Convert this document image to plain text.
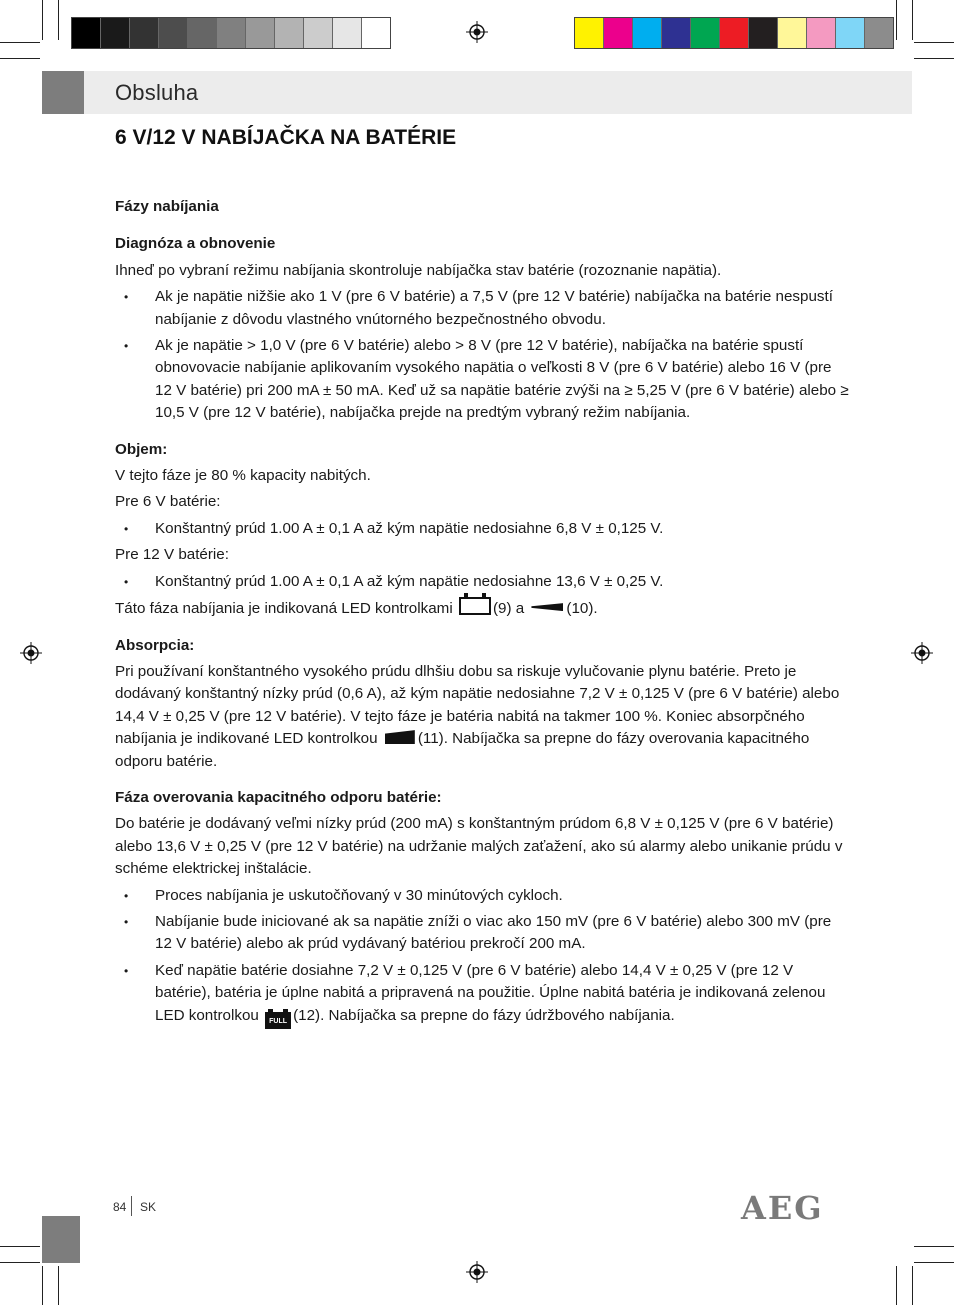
Obsluha
6 V/12 V NABÍJAČKA NA BATÉRIE

Fázy nabíjania

Diagnóza a obnovenie

Ihneď po vybraní režimu nabíjania skontroluje nabíjačka stav batérie (rozoznanie napätia).

• Ak je napätie nižšie ako 1 V (pre 6 V batérie) a 7,5 V (pre 12 V batérie) nabíjačka na batérie nespustí nabíjanie z dôvodu vlastného vnútorného bezpečnostného obvodu.

• Ak je napätie > 1,0 V (pre 6 V batérie) alebo > 8 V (pre 12 V batérie), nabíjačka na batérie spustí obnovovacie nabíjanie aplikovaním vysokého napätia o veľkosti 8 V (pre 6 V batérie) alebo 16 V (pre 12 V batérie) pri 200 mA ± 50 mA. Keď už sa napätie batérie zvýši na ≥ 5,25 V (pre 6 V batérie) alebo ≥ 10,5 V (pre 12 V batérie), nabíjačka prejde na predtým vybraný režim nabíjania.

Objem:

V tejto fáze je 80 % kapacity nabitých.

Pre 6 V batérie:

• Konštantný prúd 1.00 A ± 0,1 A až kým napätie nedosiahne 6,8 V ± 0,125 V.

Pre 12 V batérie:

• Konštantný prúd 1.00 A ± 0,1 A až kým napätie nedosiahne 13,6 V ± 0,25 V.

Táto fáza nabíjania je indikovaná LED kontrolkami	(9) a	(10).

Absorpcia:

Pri používaní konštantného vysokého prúdu dlhšiu dobu sa riskuje vylučovanie plynu batérie. Preto je dodávaný konštantný nízky prúd (0,6 A), až kým napätie nedosiahne 7,2 V ± 0,125 V (pre 6 V batérie) alebo 14,4 V ± 0,25 V (pre 12 V batérie). V tejto fáze je batéria nabitá na takmer 100 %. Koniec absorpčného nabíjania je indikované LED kontrolkou	(11). Nabíjačka sa prepne do fázy overovania kapacitného odporu batérie.

Fáza overovania kapacitného odporu batérie:

Do batérie je dodávaný veľmi nízky prúd (200 mA) s konštantným prúdom 6,8 V ± 0,125 V (pre 6 V batérie) alebo 13,6 V ± 0,25 V (pre 12 V batérie) na udržanie malých zaťažení, ako sú alarmy alebo unikanie prúdu v schéme elektrickej inštalácie.

• Proces nabíjania je uskutočňovaný v 30 minútových cykloch.

• Nabíjanie bude iniciované ak sa napätie zníži o viac ako 150 mV (pre 6 V batérie) alebo 300 mV (pre 12 V batérie) alebo ak prúd vydávaný batériou prekročí 200 mA.

• Keď napätie batérie dosiahne 7,2 V ± 0,125 V (pre 6 V batérie) alebo 14,4 V ± 0,25 V (pre 12 V batérie), batéria je úplne nabitá a pripravená na použitie. Úplne nabitá batéria je indikovaná zelenou LED kontrolkou FULL (12). Nabíjačka sa prepne do fázy údržbového nabíjania.

84 SK	AEG
